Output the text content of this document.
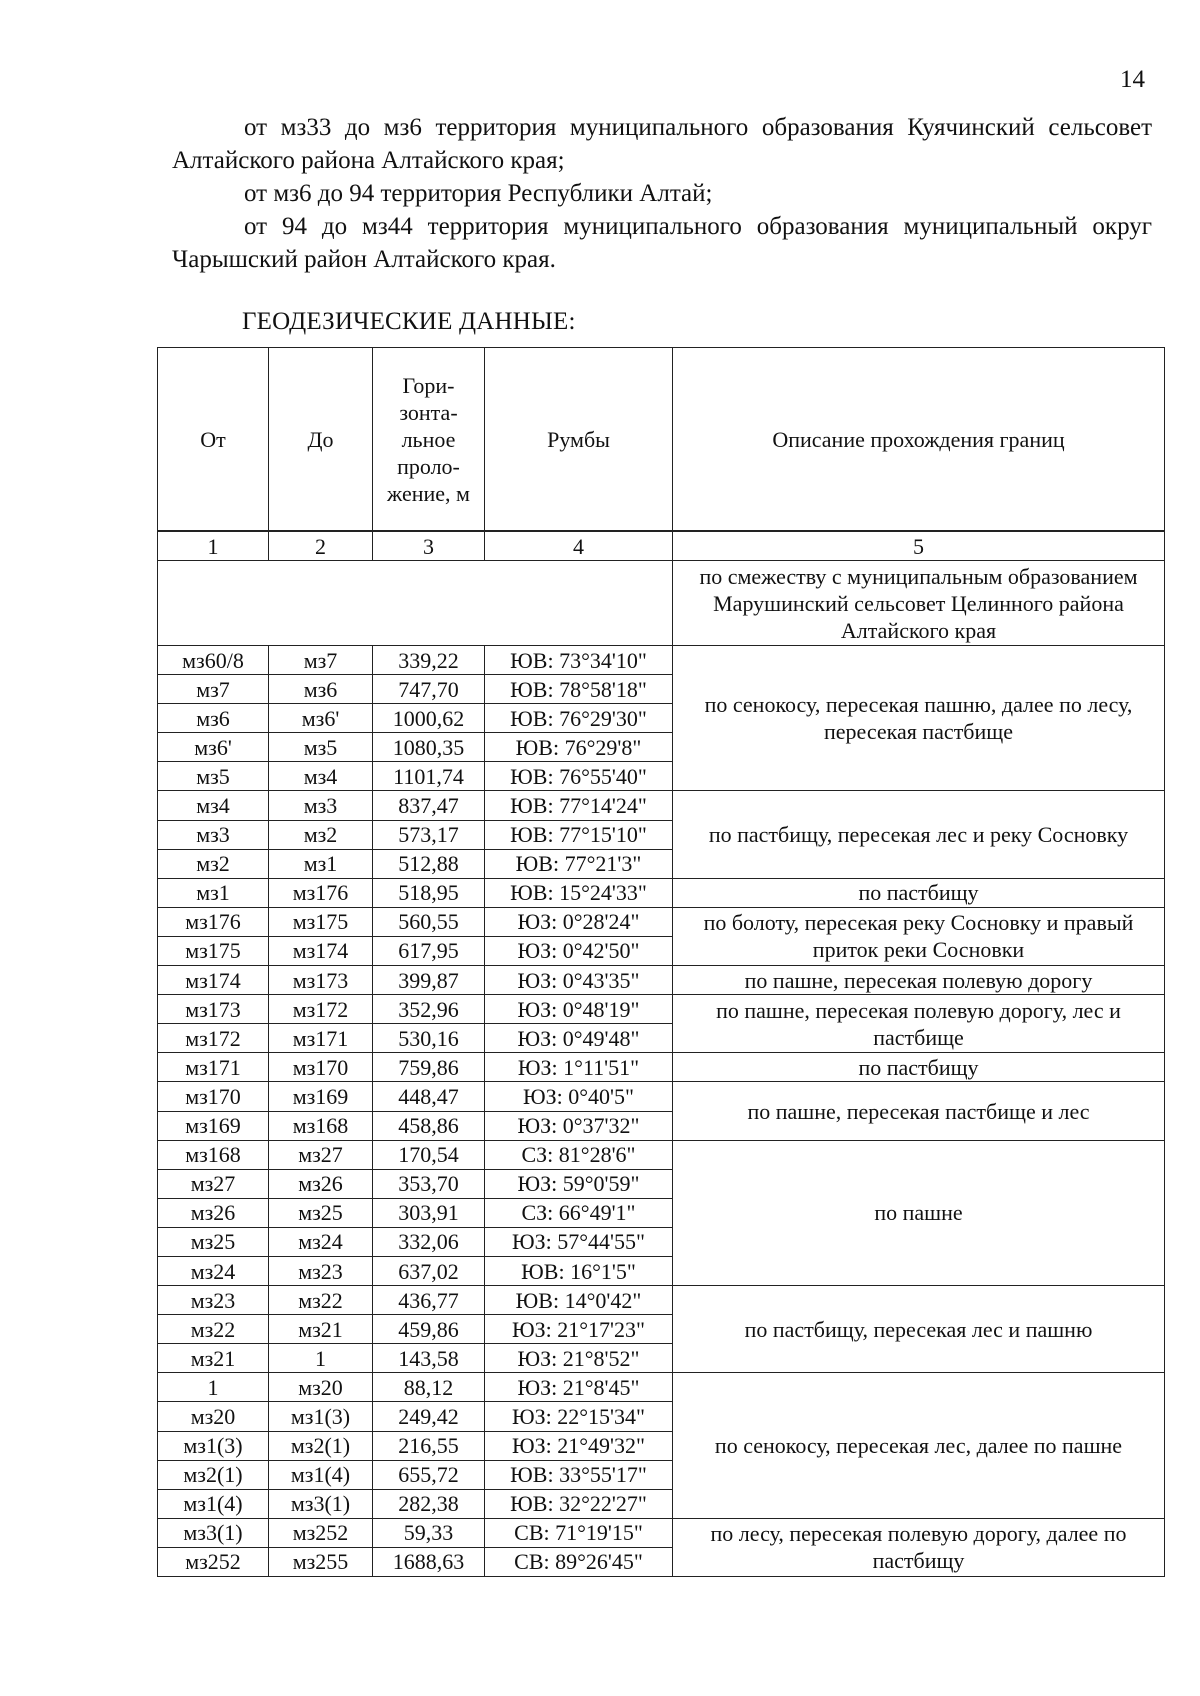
14
от мз33 до мз6 территория муниципального образования Куячинский сельсовет Алтайского района Алтайского края;
от мз6 до 94 территория Республики Алтай;
от 94 до мз44 территория муниципального образования муниципальный округ Чарышский район Алтайского края.
ГЕОДЕЗИЧЕСКИЕ ДАННЫЕ:
От	До	Гори- зонта- льное проло- жение, м	Румбы	Описание прохождения границ

1	2	3	4	5
				по смежеству с муниципальным образованием Марушинский сельсовет Целинного района Алтайского края
мз60/8	мз7	339,22	ЮВ: 73°34'10"	по сенокосу, пересекая пашню, далее по лесу, пересекая пастбище
мз7	мз6	747,70	ЮВ: 78°58'18"	
мз6	мз6'	1000,62	ЮВ: 76°29'30"	
мз6'	мз5	1080,35	ЮВ: 76°29'8"	
мз5	мз4	1101,74	ЮВ: 76°55'40"	
мз4	мз3	837,47	ЮВ: 77°14'24"	по пастбищу, пересекая лес и реку Сосновку
мз3	мз2	573,17	ЮВ: 77°15'10"	
мз2	мз1	512,88	ЮВ: 77°21'3"	
мз1	мз176	518,95	ЮВ: 15°24'33"	по пастбищу
мз176	мз175	560,55	ЮЗ: 0°28'24"	по болоту, пересекая реку Сосновку и правый приток реки Сосновки
мз175	мз174	617,95	ЮЗ: 0°42'50"	
мз174	мз173	399,87	ЮЗ: 0°43'35"	по пашне, пересекая полевую дорогу
мз173	мз172	352,96	ЮЗ: 0°48'19"	по пашне, пересекая полевую дорогу, лес и пастбище
мз172	мз171	530,16	ЮЗ: 0°49'48"	
мз171	мз170	759,86	ЮЗ: 1°11'51"	по пастбищу
мз170	мз169	448,47	ЮЗ: 0°40'5"	по пашне, пересекая пастбище и лес
мз169	мз168	458,86	ЮЗ: 0°37'32"	
мз168	мз27	170,54	СЗ: 81°28'6"	по пашне
мз27	мз26	353,70	ЮЗ: 59°0'59"	
мз26	мз25	303,91	СЗ: 66°49'1"	
мз25	мз24	332,06	ЮЗ: 57°44'55"	
мз24	мз23	637,02	ЮВ: 16°1'5"	
мз23	мз22	436,77	ЮВ: 14°0'42"	по пастбищу, пересекая лес и пашню
мз22	мз21	459,86	ЮЗ: 21°17'23"	
мз21	1	143,58	ЮЗ: 21°8'52"	
1	мз20	88,12	ЮЗ: 21°8'45"	по сенокосу, пересекая лес, далее по пашне
мз20	мз1(3)	249,42	ЮЗ: 22°15'34"	
мз1(3)	мз2(1)	216,55	ЮЗ: 21°49'32"	
мз2(1)	мз1(4)	655,72	ЮВ: 33°55'17"	
мз1(4)	мз3(1)	282,38	ЮВ: 32°22'27"	
мз3(1)	мз252	59,33	СВ: 71°19'15"	по лесу, пересекая полевую дорогу, далее по пастбищу
мз252	мз255	1688,63	СВ: 89°26'45"	
